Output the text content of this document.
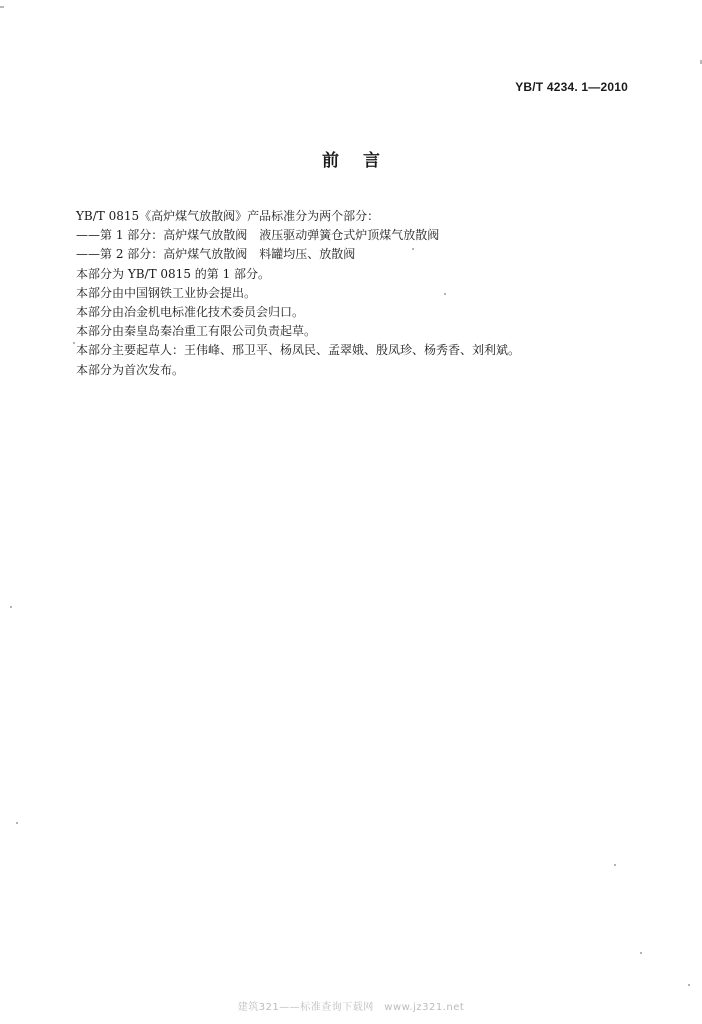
YB/T 4234. 1—2010
前言
YB/T 0815《高炉煤气放散阀》产品标准分为两个部分：
——第 1 部分：高炉煤气放散阀　液压驱动弹簧仓式炉顶煤气放散阀
——第 2 部分：高炉煤气放散阀　料罐均压、放散阀
本部分为 YB/T 0815 的第 1 部分。
本部分由中国钢铁工业协会提出。
本部分由冶金机电标准化技术委员会归口。
本部分由秦皇岛秦冶重工有限公司负责起草。
本部分主要起草人：王伟峰、邢卫平、杨凤民、孟翠娥、殷凤珍、杨秀香、刘利斌。
本部分为首次发布。
建筑321——标准查询下载网　www.jz321.net
